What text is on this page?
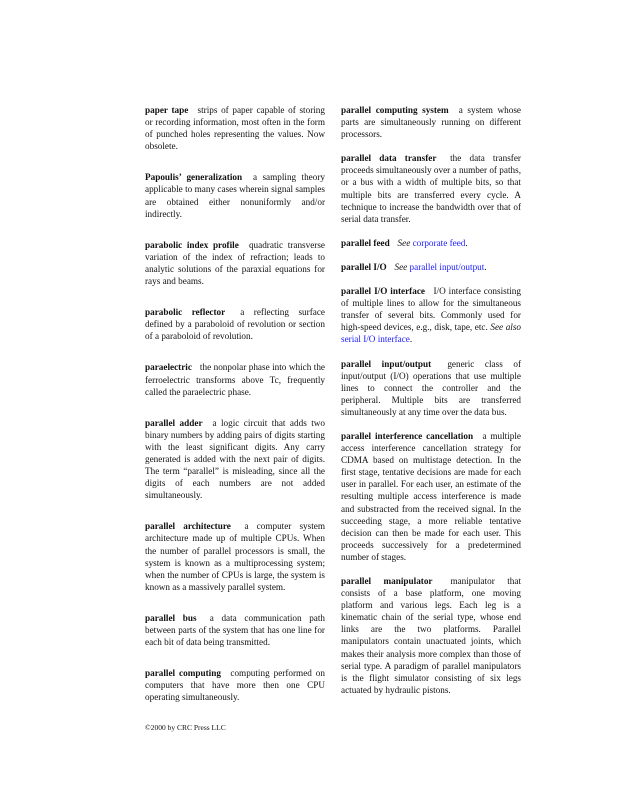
paper tape strips of paper capable of storing or recording information, most often in the form of punched holes representing the values. Now obsolete.

Papoulis’ generalization a sampling theory applicable to many cases wherein signal samples are obtained either nonuniformly and/or indirectly.

parabolic index profile quadratic transverse variation of the index of refraction; leads to analytic solutions of the paraxial equations for rays and beams.

parabolic reflector a reflecting surface defined by a paraboloid of revolution or section of a paraboloid of revolution.

paraelectric the nonpolar phase into which the ferroelectric transforms above Tc, frequently called the paraelectric phase.

parallel adder a logic circuit that adds two binary numbers by adding pairs of digits starting with the least significant digits. Any carry generated is added with the next pair of digits. The term “parallel” is misleading, since all the digits of each numbers are not added simultaneously.

parallel architecture a computer system architecture made up of multiple CPUs. When the number of parallel processors is small, the system is known as a multiprocessing system; when the number of CPUs is large, the system is known as a massively parallel system.

parallel bus a data communication path between parts of the system that has one line for each bit of data being transmitted.

parallel computing computing performed on computers that have more then one CPU operating simultaneously.

parallel computing system a system whose parts are simultaneously running on different processors.

parallel data transfer the data transfer proceeds simultaneously over a number of paths, or a bus with a width of multiple bits, so that multiple bits are transferred every cycle. A technique to increase the bandwidth over that of serial data transfer.

parallel feed See corporate feed.

parallel I/O See parallel input/output.

parallel I/O interface I/O interface consisting of multiple lines to allow for the simultaneous transfer of several bits. Commonly used for high-speed devices, e.g., disk, tape, etc. See also serial I/O interface.

parallel input/output generic class of input/output (I/O) operations that use multiple lines to connect the controller and the peripheral. Multiple bits are transferred simultaneously at any time over the data bus.

parallel interference cancellation a multiple access interference cancellation strategy for CDMA based on multistage detection. In the first stage, tentative decisions are made for each user in parallel. For each user, an estimate of the resulting multiple access interference is made and substracted from the received signal. In the succeeding stage, a more reliable tentative decision can then be made for each user. This proceeds successively for a predetermined number of stages.

parallel manipulator manipulator that consists of a base platform, one moving platform and various legs. Each leg is a kinematic chain of the serial type, whose end links are the two platforms. Parallel manipulators contain unactuated joints, which makes their analysis more complex than those of serial type. A paradigm of parallel manipulators is the flight simulator consisting of six legs actuated by hydraulic pistons.

©2000 by CRC Press LLC
